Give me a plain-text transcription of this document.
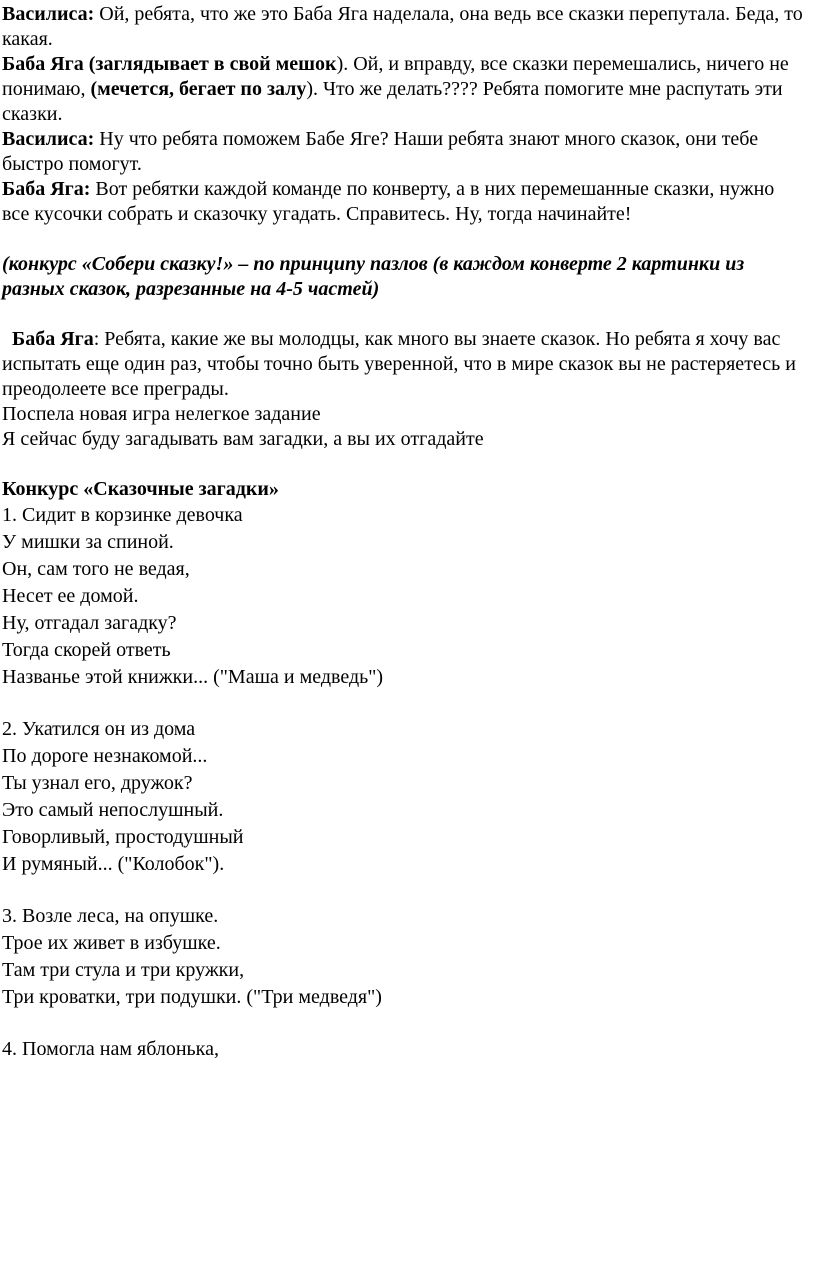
Василиса: Ой, ребята, что же это Баба Яга наделала, она ведь все сказки перепутала. Беда, то какая.

Баба Яга (заглядывает в свой мешок). Ой, и вправду, все сказки перемешались, ничего не понимаю, (мечется, бегает по залу). Что же делать???? Ребята помогите мне распутать эти сказки.

Василиса: Ну что ребята поможем Бабе Яге? Наши ребята знают много сказок, они тебе быстро помогут.

Баба Яга: Вот ребятки каждой команде по конверту, а в них перемешанные сказки, нужно все кусочки собрать и сказочку угадать. Справитесь. Ну, тогда начинайте!

(конкурс «Собери сказку!» – по принципу пазлов (в каждом конверте 2 картинки из разных сказок, разрезанные на 4-5 частей)

Баба Яга: Ребята, какие же вы молодцы, как много вы знаете сказок. Но ребята я хочу вас испытать еще один раз, чтобы точно быть уверенной, что в мире сказок вы не растеряетесь и преодолеете все преграды.

Поспела новая игра нелегкое задание

Я сейчас буду загадывать вам загадки, а вы их отгадайте

Конкурс «Сказочные загадки»

1. Сидит в корзинке девочка

У мишки за спиной.

Он, сам того не ведая,

Несет ее домой.

Ну, отгадал загадку?

Тогда скорей ответь

Названье этой книжки... ("Маша и медведь")

2. Укатился он из дома

По дороге незнакомой...

Ты узнал его, дружок?

Это самый непослушный.

Говорливый, простодушный

И румяный... ("Колобок").

3. Возле леса, на опушке.

Трое их живет в избушке.

Там три стула и три кружки,

Три кроватки, три подушки. ("Три медведя")

4. Помогла нам яблонька,
